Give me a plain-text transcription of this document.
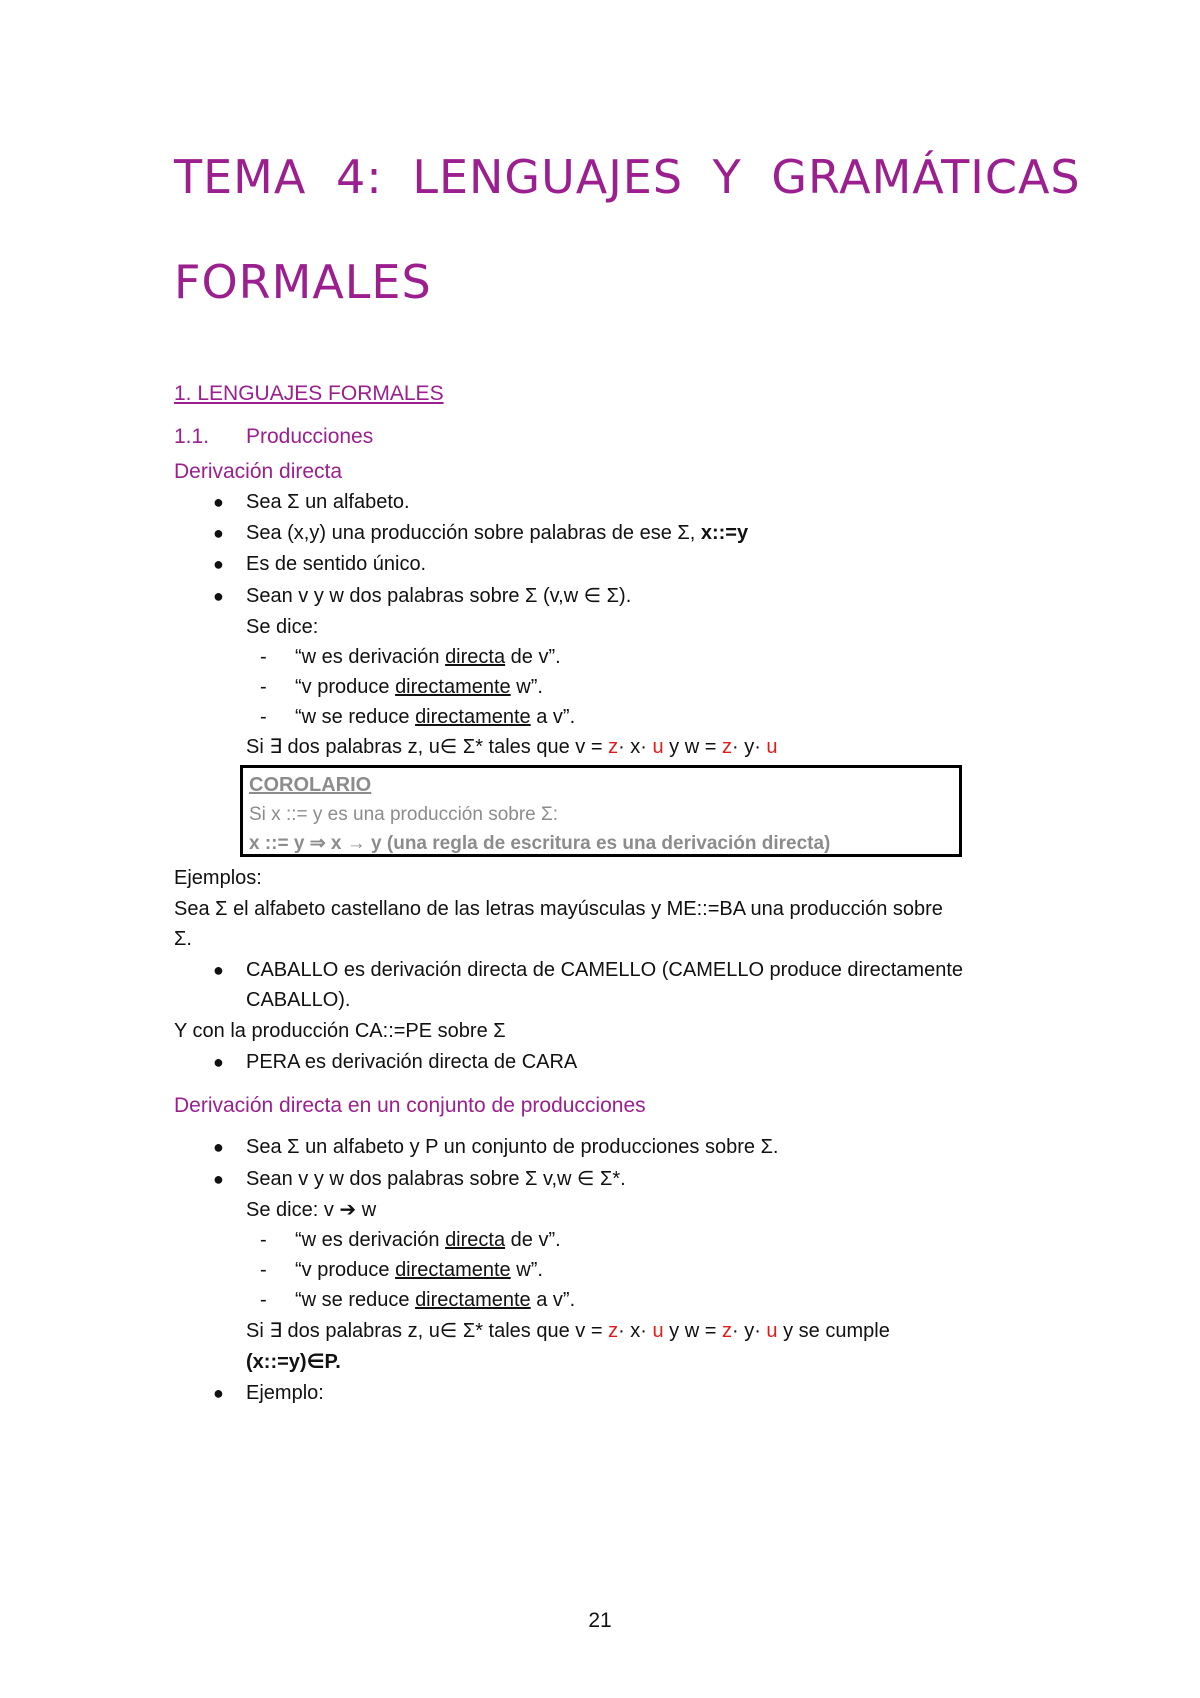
TEMA 4: LENGUAJES Y GRAMÁTICAS
FORMALES
1. LENGUAJES FORMALES
1.1. Producciones
Derivación directa
● Sea Σ un alfabeto.
● Sea (x,y) una producción sobre palabras de ese Σ, x::=y
● Es de sentido único.
● Sean v y w dos palabras sobre Σ (v,w ∈ Σ).
Se dice:
- “w es derivación directa de v”.
- “v produce directamente w”.
- “w se reduce directamente a v”.
Si ∃ dos palabras z, u∈ Σ* tales que v = z· x· u y w = z· y· u
COROLARIO
Si x ::= y es una producción sobre Σ:
x ::= y ⇒ x → y (una regla de escritura es una derivación directa)
Ejemplos:
Sea Σ el alfabeto castellano de las letras mayúsculas y ME::=BA una producción sobre
Σ.
● CABALLO es derivación directa de CAMELLO (CAMELLO produce directamente
CABALLO).
Y con la producción CA::=PE sobre Σ
● PERA es derivación directa de CARA
Derivación directa en un conjunto de producciones
● Sea Σ un alfabeto y P un conjunto de producciones sobre Σ.
● Sean v y w dos palabras sobre Σ v,w ∈ Σ*.
Se dice: v ➔ w
- “w es derivación directa de v”.
- “v produce directamente w”.
- “w se reduce directamente a v”.
Si ∃ dos palabras z, u∈ Σ* tales que v = z· x· u y w = z· y· u y se cumple
(x::=y)∈P.
● Ejemplo:
21
